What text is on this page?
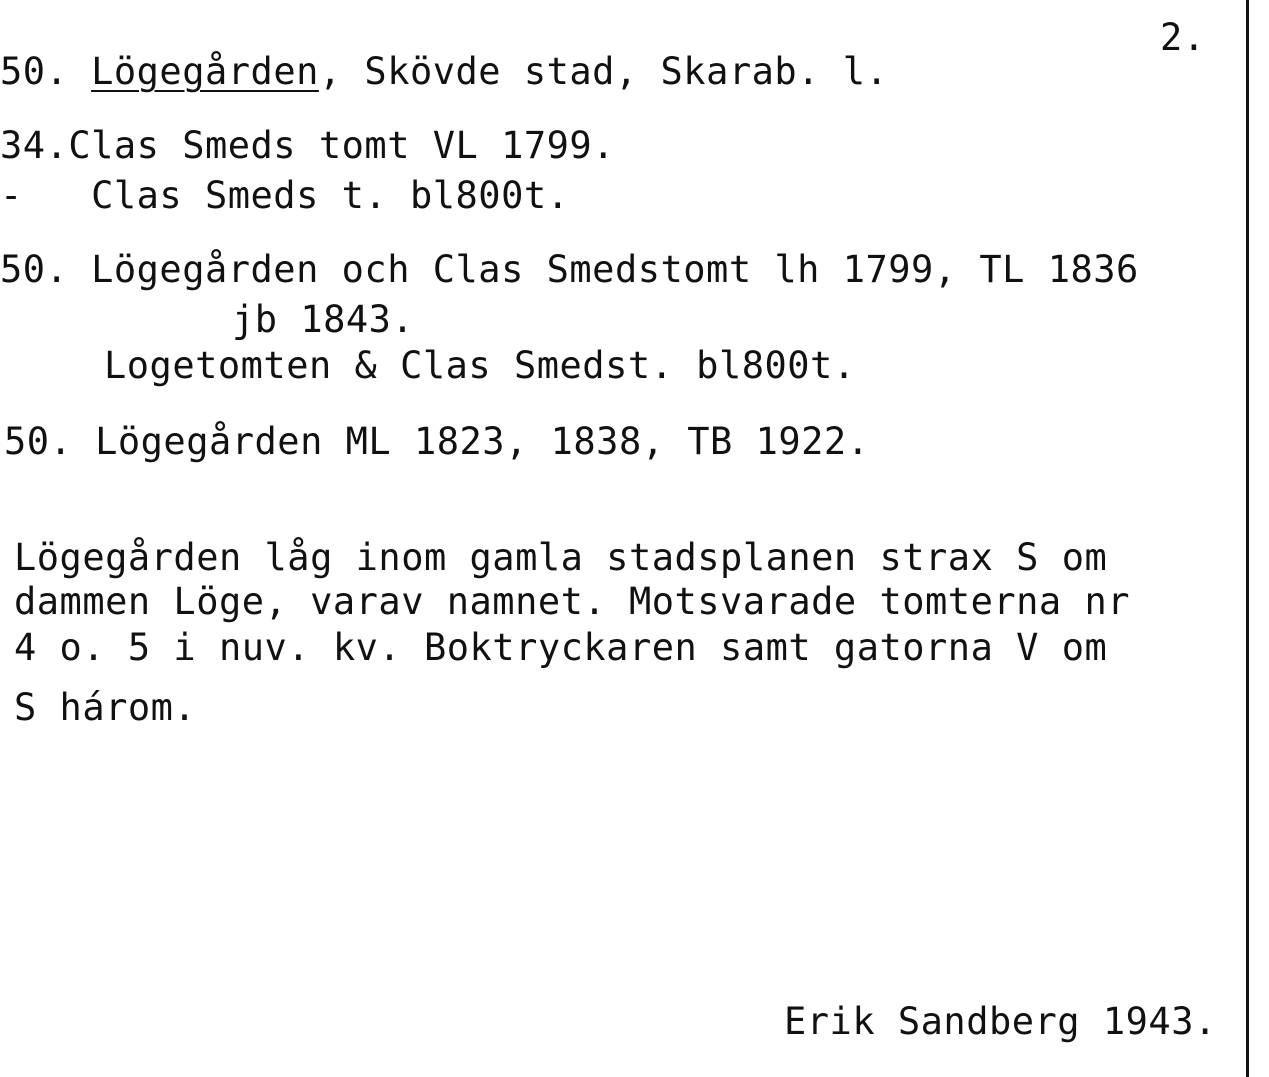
2.
50. Lögegården, Skövde stad, Skarab. l.
34.Clas Smeds tomt VL 1799.
-   Clas Smeds t. bl800t.
50. Lögegården och Clas Smedstomt lh 1799, TL 1836
jb 1843.
Logetomten & Clas Smedst. bl800t.
50. Lögegården ML 1823, 1838, TB 1922.
Lögegården låg inom gamla stadsplanen strax S om
dammen Löge, varav namnet. Motsvarade tomterna nr
4 o. 5 i nuv. kv. Boktryckaren samt gatorna V om
S három.
Erik Sandberg 1943.
